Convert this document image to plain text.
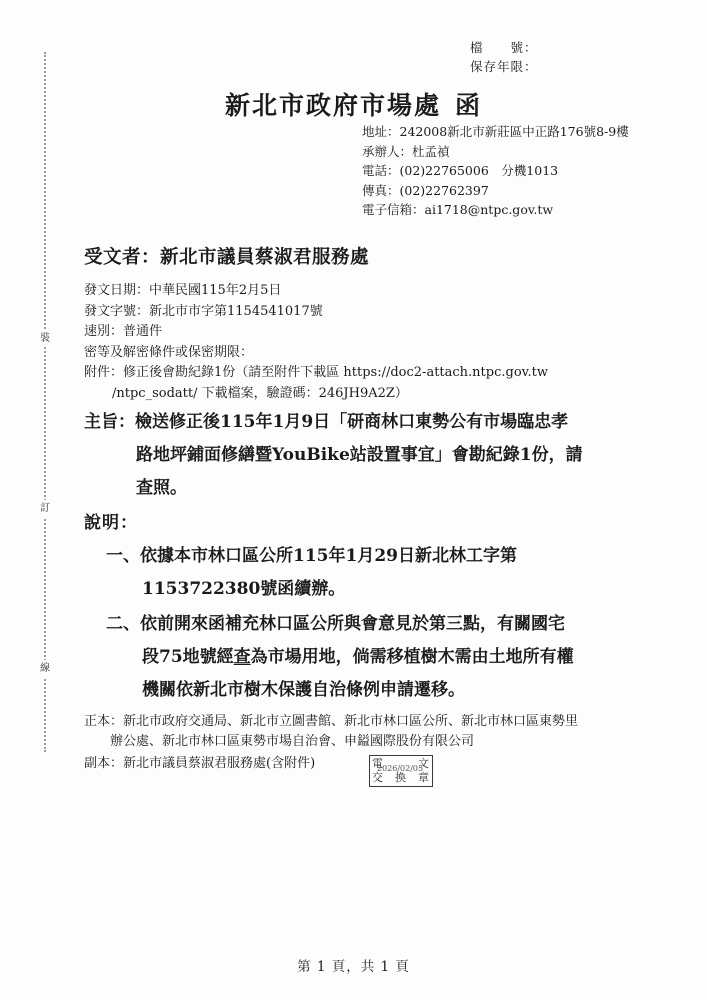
裝
訂
線
檔　　號：
保存年限：
新北市政府市場處 函
地址：242008新北市新莊區中正路176號8-9樓
承辦人：杜孟禎
電話：(02)22765006　分機1013
傳真：(02)22762397
電子信箱：ai1718@ntpc.gov.tw
受文者：新北市議員蔡淑君服務處
發文日期：中華民國115年2月5日
發文字號：新北市市字第1154541017號
速別：普通件
密等及解密條件或保密期限：
附件：修正後會勘紀錄1份（請至附件下載區 https://doc2-attach.ntpc.gov.tw
/ntpc_sodatt/ 下載檔案，驗證碼：246JH9A2Z）
主旨：檢送修正後115年1月9日「研商林口東勢公有市場臨忠孝
路地坪鋪面修繕暨YouBike站設置事宜」會勘紀錄1份，請
查照。
說明：
一、依據本市林口區公所115年1月29日新北林工字第
1153722380號函續辦。
二、依前開來函補充林口區公所與會意見於第三點，有關國宅
段75地號經查為市場用地，倘需移植樹木需由土地所有權
機關依新北市樹木保護自治條例申請遷移。
正本：新北市政府交通局、新北市立圖書館、新北市林口區公所、新北市林口區東勢里
辦公處、新北市林口區東勢市場自治會、申鎰國際股份有限公司
副本：新北市議員蔡淑君服務處(含附件)	2026/02/05
電	文
交 換 章
第 1 頁，共 1 頁
